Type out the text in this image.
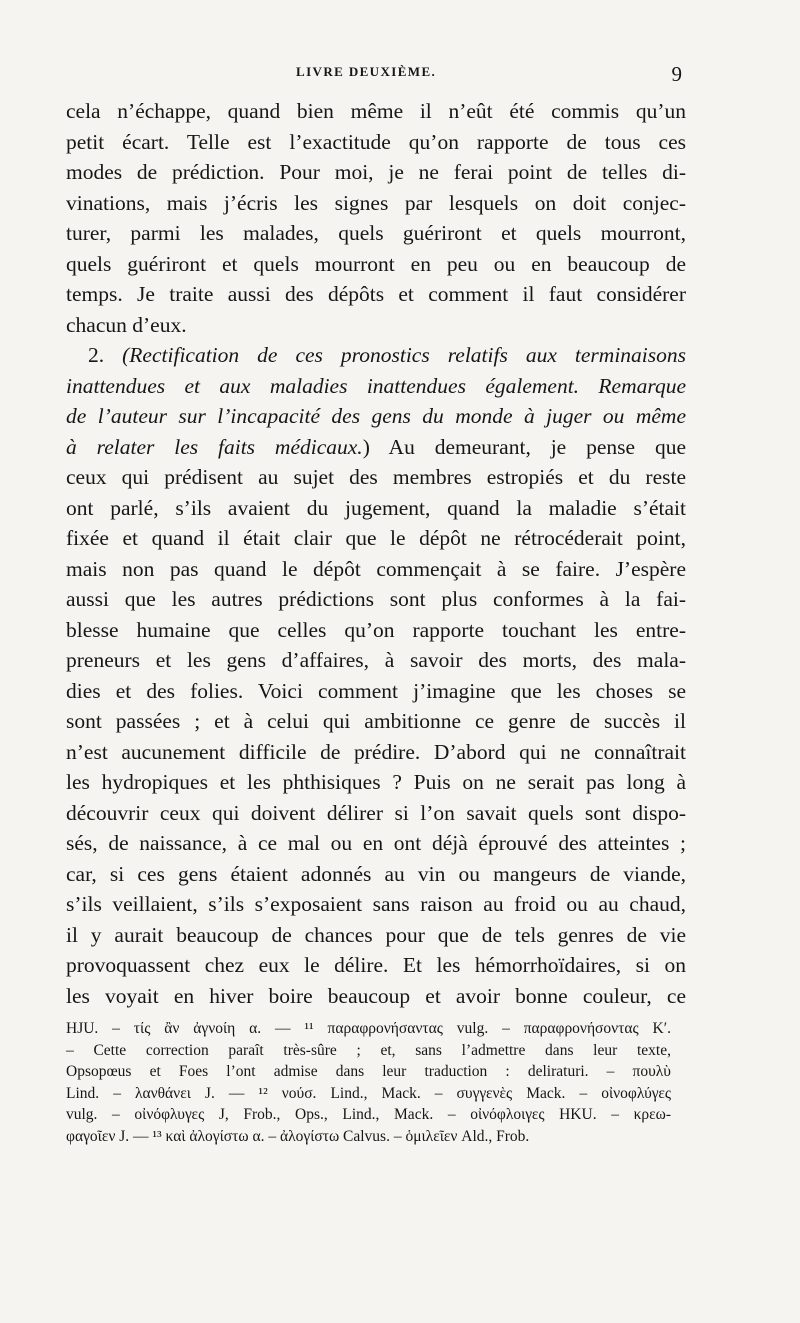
LIVRE DEUXIÈME.	9
cela n’échappe, quand bien même il n’eût été commis qu’un
petit écart. Telle est l’exactitude qu’on rapporte de tous ces
modes de prédiction. Pour moi, je ne ferai point de telles di-
vinations, mais j’écris les signes par lesquels on doit conjec-
turer, parmi les malades, quels guériront et quels mourront,
quels guériront et quels mourront en peu ou en beaucoup de
temps. Je traite aussi des dépôts et comment il faut considérer
chacun d’eux.
2. (Rectification de ces pronostics relatifs aux terminaisons
inattendues et aux maladies inattendues également. Remarque
de l’auteur sur l’incapacité des gens du monde à juger ou même
à relater les faits médicaux.) Au demeurant, je pense que
ceux qui prédisent au sujet des membres estropiés et du reste
ont parlé, s’ils avaient du jugement, quand la maladie s’était
fixée et quand il était clair que le dépôt ne rétrocéderait point,
mais non pas quand le dépôt commençait à se faire. J’espère
aussi que les autres prédictions sont plus conformes à la fai-
blesse humaine que celles qu’on rapporte touchant les entre-
preneurs et les gens d’affaires, à savoir des morts, des mala-
dies et des folies. Voici comment j’imagine que les choses se
sont passées ; et à celui qui ambitionne ce genre de succès il
n’est aucunement difficile de prédire. D’abord qui ne connaîtrait
les hydropiques et les phthisiques ? Puis on ne serait pas long à
découvrir ceux qui doivent délirer si l’on savait quels sont dispo-
sés, de naissance, à ce mal ou en ont déjà éprouvé des atteintes ;
car, si ces gens étaient adonnés au vin ou mangeurs de viande,
s’ils veillaient, s’ils s’exposaient sans raison au froid ou au chaud,
il y aurait beaucoup de chances pour que de tels genres de vie
provoquassent chez eux le délire. Et les hémorrhoïdaires, si on
les voyait en hiver boire beaucoup et avoir bonne couleur, ce
HJU. – τίς ἂν ἀγνοίη α. — ¹¹ παραφρονήσαντας vulg. – παραφρονήσοντας K′.
– Cette correction paraît très-sûre ; et, sans l’admettre dans leur texte,
Opsopœus et Foes l’ont admise dans leur traduction : deliraturi. – πουλὺ
Lind. – λανθάνει J. — ¹² νούσ. Lind., Mack. – συγγενὲς Mack. – οἰνοφλύγες
vulg. – οἰνόφλυγες J, Frob., Ops., Lind., Mack. – οἰνόφλοιγες HKU. – κρεω-
φαγοῖεν J. — ¹³ καὶ ἀλογίστω α. – ἀλογίστω Calvus. – ὁμιλεῖεν Ald., Frob.
